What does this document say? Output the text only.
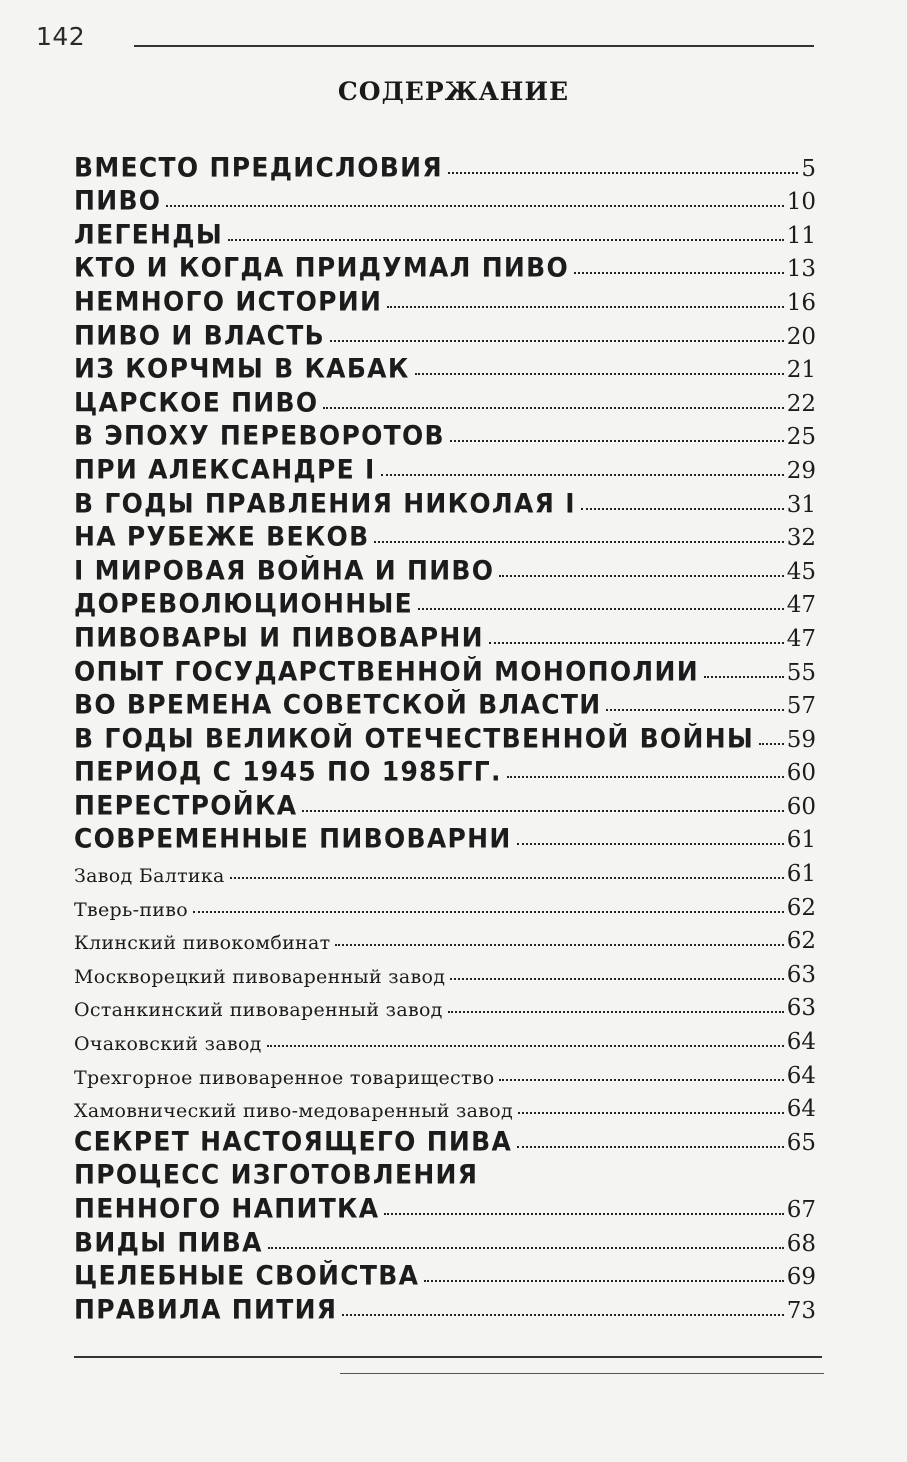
142
СОДЕРЖАНИЕ
ВМЕСТО ПРЕДИСЛОВИЯ	5
ПИВО	10
ЛЕГЕНДЫ	11
КТО И КОГДА ПРИДУМАЛ ПИВО	13
НЕМНОГО ИСТОРИИ	16
ПИВО И ВЛАСТЬ	20
ИЗ КОРЧМЫ В КАБАК	21
ЦАРСКОЕ ПИВО	22
В ЭПОХУ ПЕРЕВОРОТОВ	25
ПРИ АЛЕКСАНДРЕ I	29
В ГОДЫ ПРАВЛЕНИЯ НИКОЛАЯ I	31
НА РУБЕЖЕ ВЕКОВ	32
I МИРОВАЯ ВОЙНА И ПИВО	45
ДОРЕВОЛЮЦИОННЫЕ	47
ПИВОВАРЫ И ПИВОВАРНИ	47
ОПЫТ ГОСУДАРСТВЕННОЙ МОНОПОЛИИ	55
ВО ВРЕМЕНА СОВЕТСКОЙ ВЛАСТИ	57
В ГОДЫ ВЕЛИКОЙ ОТЕЧЕСТВЕННОЙ ВОЙНЫ 59
ПЕРИОД С 1945 ПО 1985ГГ.	60
ПЕРЕСТРОЙКА	60
СОВРЕМЕННЫЕ ПИВОВАРНИ	61
Завод Балтика	61
Тверь-пиво	62
Клинский пивокомбинат	62
Москворецкий пивоваренный завод	63
Останкинский пивоваренный завод	63
Очаковский завод	64
Трехгорное пивоваренное товарищество	64
Хамовнический пиво-медоваренный завод	64
СЕКРЕТ НАСТОЯЩЕГО ПИВА	65
ПРОЦЕСС ИЗГОТОВЛЕНИЯ
ПЕННОГО НАПИТКА	67
ВИДЫ ПИВА	68
ЦЕЛЕБНЫЕ СВОЙСТВА	69
ПРАВИЛА ПИТИЯ	73
